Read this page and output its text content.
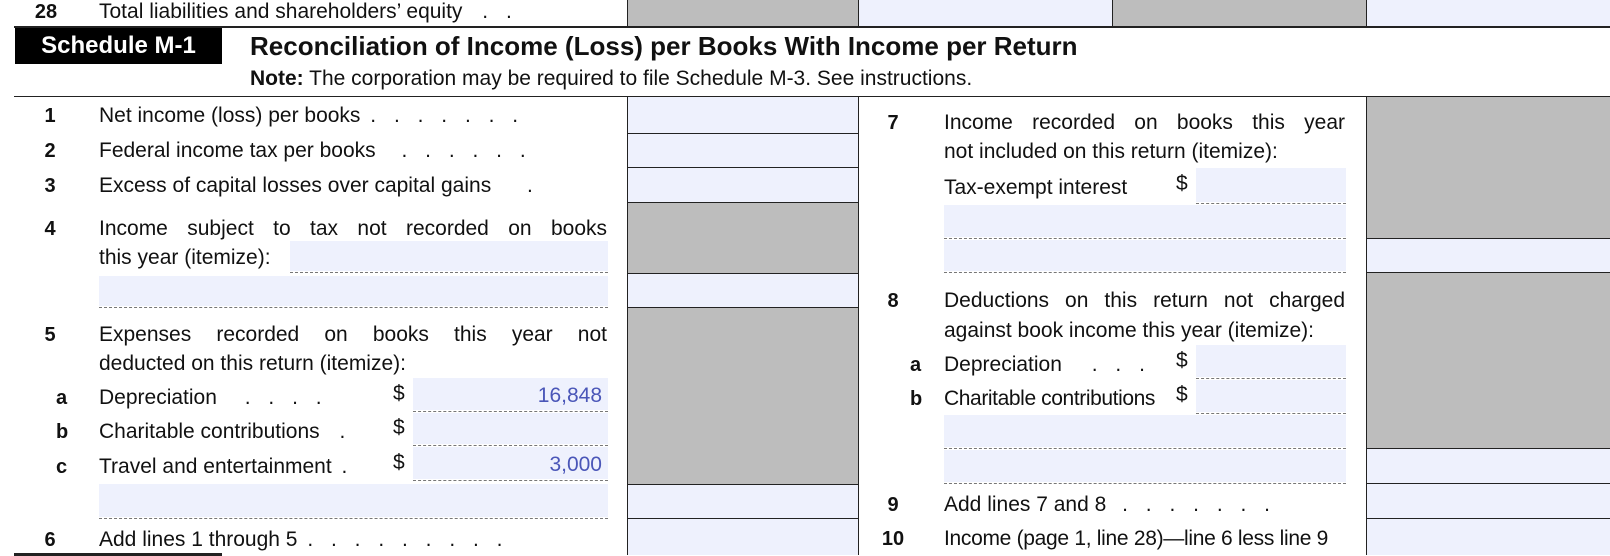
28	Total liabilities and shareholders’ equity . .
Schedule M-1	Reconciliation of Income (Loss) per Books With Income per Return
Note: The corporation may be required to file Schedule M-3. See instructions.
1	Net income (loss) per books . . . . . . .
2	Federal income tax per books . . . . . .
3	Excess of capital losses over capital gains .
4	Income subject to tax not recorded on books
this year (itemize):
5	Expenses recorded on books this year not
deducted on this return (itemize):
a Depreciation . . . .	$	16,848
b Charitable contributions . $
c Travel and entertainment . $	3,000
6	Add lines 1 through 5 . . . . . . . . .
7	Income recorded on books this year
not included on this return (itemize):
Tax-exempt interest $
8	Deductions on this return not charged
against book income this year (itemize):
a Depreciation . . . $
b Charitable contributions $
9	Add lines 7 and 8 . . . . . . .
10	Income (page 1, line 28)—line 6 less line 9
